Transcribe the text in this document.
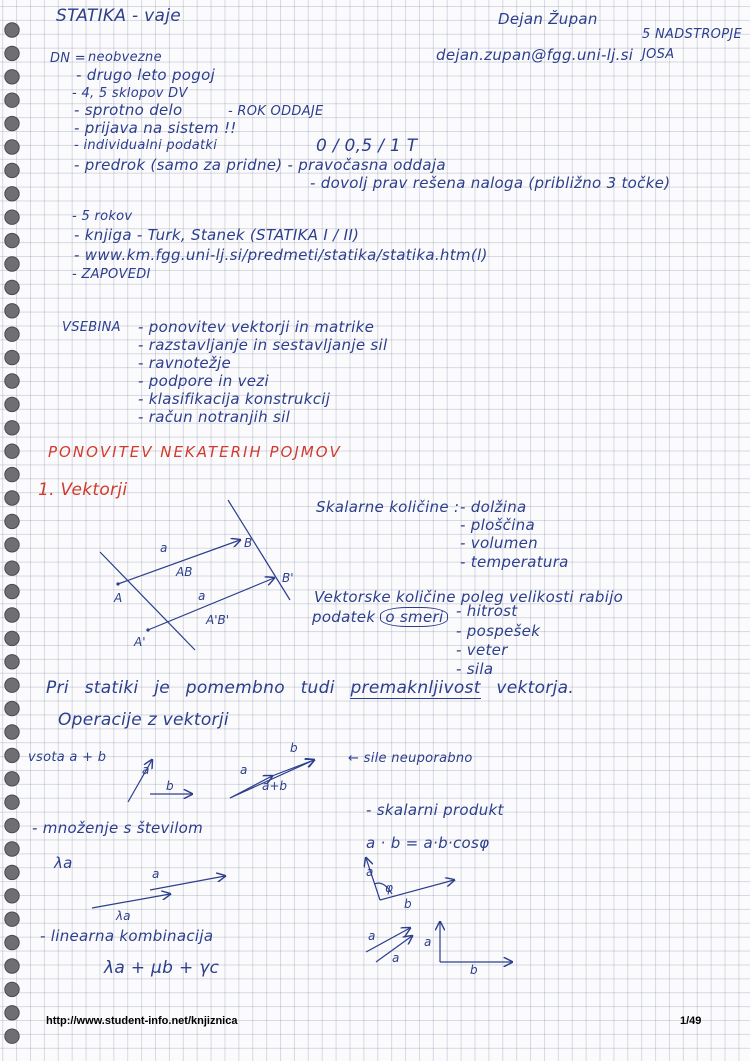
STATIKA - vaje	Dejan Župan
5 NADSTROPJE
dejan.zupan@fgg.uni-lj.si JOSA
DN = neobvezne
- drugo leto pogoj
- 4, 5 sklopov DV
- sprotno delo	- ROK ODDAJE
- prijava na sistem !!
- individualni podatki	0 / 0,5 / 1 T
- predrok (samo za pridne) - pravočasna oddaja
- dovolj prav rešena naloga (približno 3 točke)
- 5 rokov
- knjiga - Turk, Stanek (STATIKA I / II)
- www.km.fgg.uni-lj.si/predmeti/statika/statika.htm(l)
- ZAPOVEDI
VSEBINA - ponovitev vektorji in matrike
- razstavljanje in sestavljanje sil
- ravnotežje
- podpore in vezi
- klasifikacija konstrukcij
- račun notranjih sil
PONOVITEV NEKATERIH POJMOV
1. Vektorji
Skalarne količine : - dolžina
- ploščina
- volumen
- temperatura
Vektorske količine poleg velikosti rabijo
podatek o smeri - hitrost
- pospešek
- veter
- sila
Pri statiki je pomembno tudi premaknljivost vektorja.
Operacije z vektorji
vsota a + b	← sile neuporabno
- skalarni produkt
- množenje s številom
a · b = a·b·cosφ
λa
- linearna kombinacija
λa + μb + γc
a
AB
A
B
a
A'B'
A'
B'
a
b
a
b
a+b
a
λa
a
φ
b
a
a
a
b
http://www.student-info.net/knjiznica	1/49
